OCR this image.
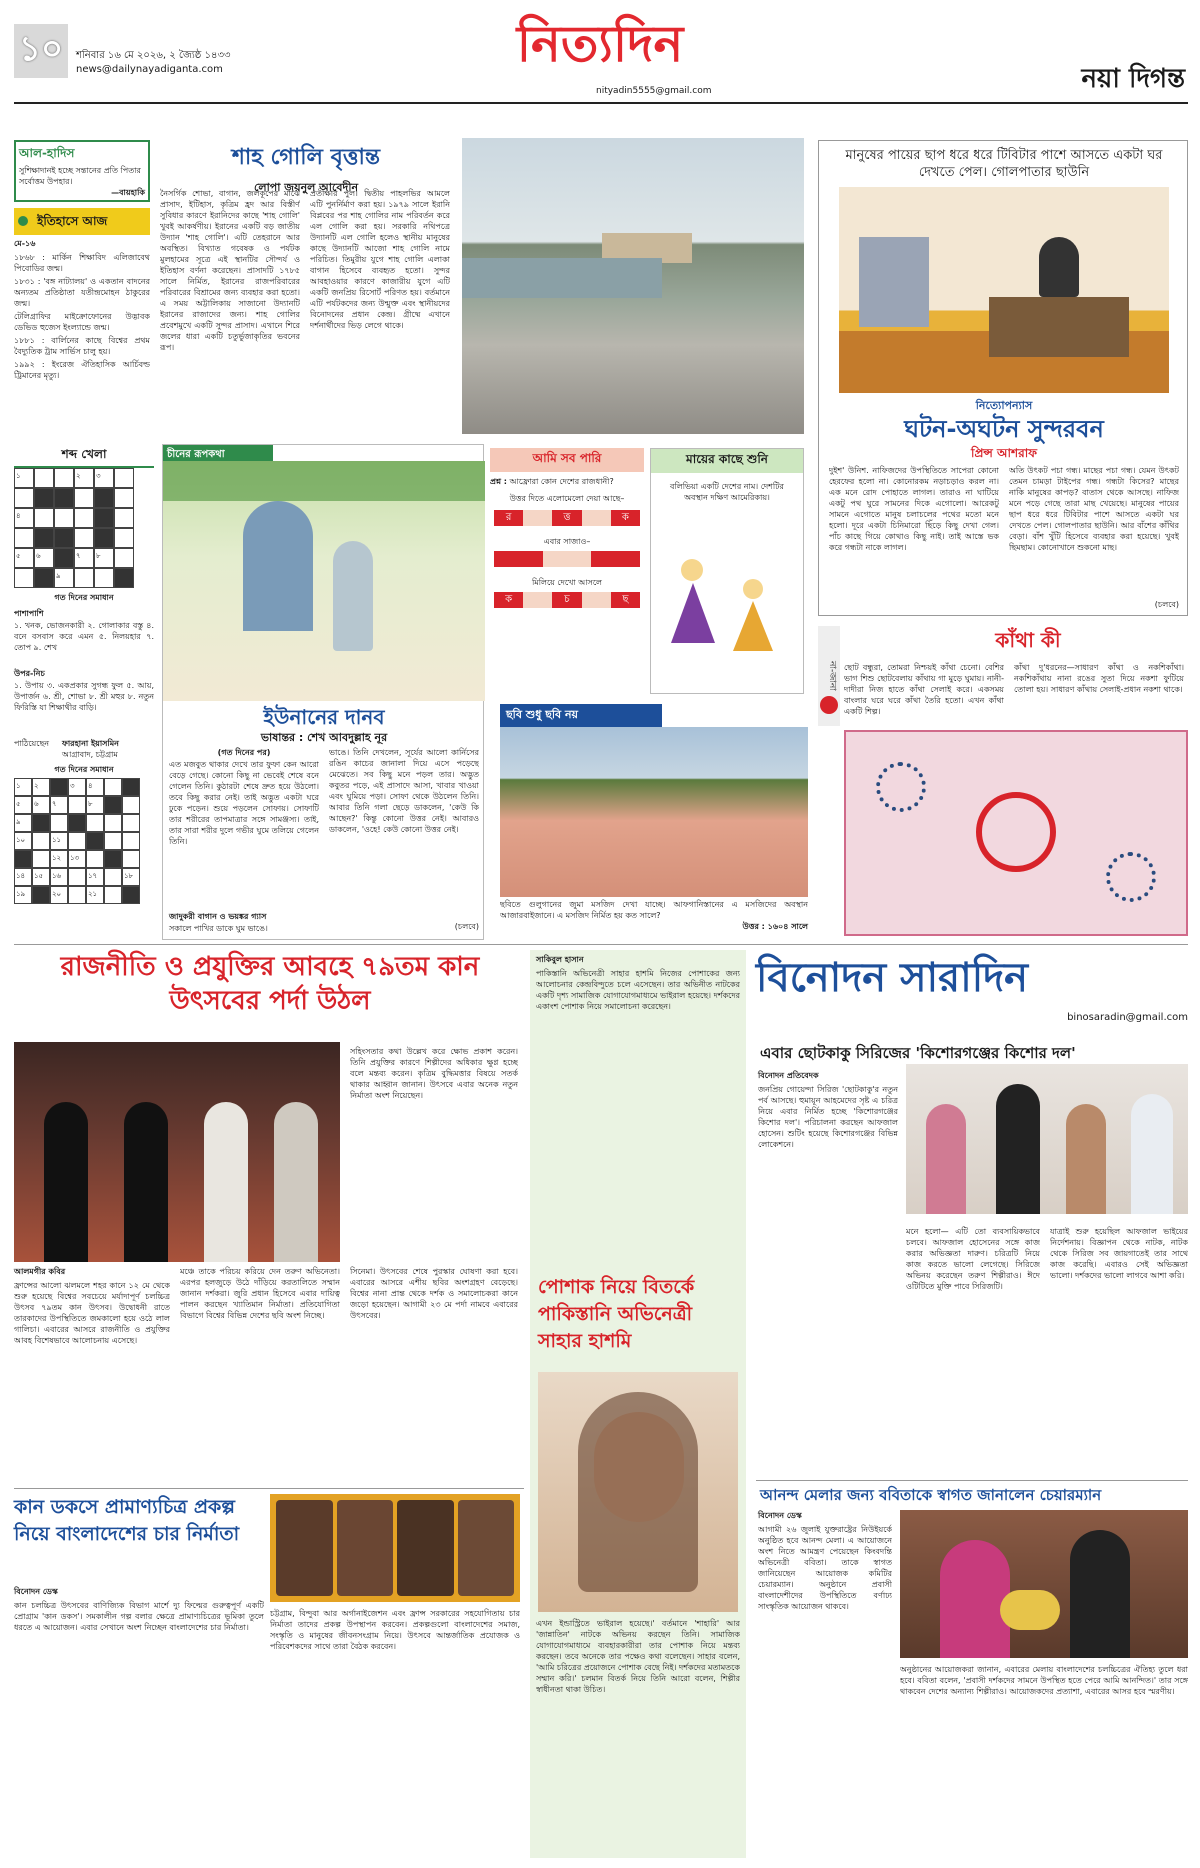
১০ শনিবার ১৬ মে ২০২৬, ২ জ্যৈষ্ঠ ১৪৩৩
news@dailynayadiganta.com	নিত্যদিন
nityadin5555@gmail.com	নয়া দিগন্ত
আল-হাদিস
সুশিক্ষাদানই হচ্ছে সন্তানের প্রতি পিতার সর্বোত্তম উপহার।
—বায়হাকি
ইতিহাসে আজ
মে-১৬
১৮৬৮ : মার্কিন শিক্ষাবিদ এলিজাবেথ পিবোডির জন্ম।
১৮৩১ : 'বঙ্গ নাট্যালয়' ও একতান বাদনের অন্যতম প্রতিষ্ঠাতা যতীন্দ্রমোহন ঠাকুরের জন্ম।
টেলিগ্রাফির মাইক্রোফোনের উদ্ভাবক ডেভিড হুজেস ইংল্যান্ডে জন্ম।
১৮৮১ : বার্লিনের কাছে বিশ্বের প্রথম বৈদ্যুতিক ট্রাম সার্ভিস চালু হয়।
১৯৯২ : ইংরেজ ঐতিহাসিক আর্চিবল্ড ট্রিমানের মৃত্যু।
শাহ গোলি বৃত্তান্ত
লোপা জয়নুল আবেদীন
নৈসর্গিক শোভা, বাগান, জলকূপের মাঝে প্রাসাদ, ইটিহাস, কৃত্রিম হ্রদ আর বিস্তীর্ণ সুবিধার কারণে ইরানিদের কাছে 'শাহ গোলি' খুবই আকর্ষণীয়। ইরানের একটি বড় জাতীয় উদ্যান 'শাহ গোলি'। এটি তেহরানে আর অবস্থিত। বিখ্যাত গবেষক ও পর্যটক মুলহামের সূত্রে এই স্থানটির সৌন্দর্য ও ইতিহাস বর্ণনা করেছেন। প্রাসাদটি ১৭৮৫ সালে নির্মিত, ইরানের রাজপরিবারের পরিবারের বিশ্রামের জন্য ব্যবহার করা হতো। এ সময় অট্টালিকায় সাজানো উদ্যানটি ইরানের রাজাদের জন্য। শাহ গোলির প্রবেশমুখে একটি সুন্দর প্রাসাদ। এখানে শিরে জলের ধারা একটি চতুর্ভুজাকৃতির ভবনের রূপ।
প্রতীক্ষার পুল। দ্বিতীয় পাহলভির আমলে এটি পুনর্নির্মাণ করা হয়। ১৯৭৯ সালে ইরানি বিপ্লবের পর শাহ গোলির নাম পরিবর্তন করে এল গোলি করা হয়। সরকারি নথিপত্রে উদ্যানটি এল গোলি হলেও স্থানীয় মানুষের কাছে উদ্যানটি আজো শাহ গোলি নামে পরিচিত। তিমুরীয় যুগে শাহ গোলি এলাকা বাগান হিসেবে ব্যবহৃত হতো। সুন্দর আবহাওয়ার কারণে কাজারীয় যুগে এটি একটি জনপ্রিয় রিসোর্ট পরিণত হয়। বর্তমানে এটি পর্যটকদের জন্য উন্মুক্ত এবং স্থানীয়দের বিনোদনের প্রধান কেন্দ্র। গ্রীষ্মে এখানে দর্শনার্থীদের ভিড় লেগে থাকে।
মানুষের পায়ের ছাপ ধরে ধরে টিবিটার পাশে আসতে একটা ঘর দেখতে পেল। গোলপাতার ছাউনি
নিত্যোপন্যাস
ঘটন-অঘটন সুন্দরবন
প্রিন্স আশরাফ
দুইশ' উনিশ. নাফিজদের উপস্থিতিতে সাপেরা কোনো হেরফের হলো না। কোনোরকম নড়াচড়াও করল না। এক মনে রোদ পোহাতে লাগল। তারাও না ঘাটিয়ে একটু পথ ঘুরে সামনের দিকে এগোলো। আরেকটু সামনে এগোতে মানুষ চলাচলের পথের মতো মনে হলো। দূরে একটা চিনিমারো ছিঁড়ে কিছু দেখা গেল। পাঁচ কাছে গিয়ে কোথাও কিছু নাই। তাই আস্তে ভক করে গন্ধটা নাকে লাগল।
অতি উৎকট পচা গন্ধ। মাছের পচা গন্ধ। যেমন উৎকট তেমন চামড়া টাইপের গন্ধ। গন্ধটা কিসের? মাছের নাকি মানুষের কাপড়? বাতাস থেকে আসছে। নাফিজ মনে পড়ে গেছে তারা মাছ খেয়েছে। মানুষের পায়ের ছাপ ধরে ধরে টিবিটার পাশে আসতে একটা ঘর দেখতে পেল। গোলপাতার ছাউনি। আর বাঁশের কাঁথির বেড়া। বাঁশ খুঁটি হিসেবে ব্যবহার করা হয়েছে। খুবই ছিমছাম। কোনোখানে শুকনো মাছ।
(চলবে)
শব্দ খেলা
১	২	৩
৪
৫	৬	৭	৮
৯
গত দিনের সমাধান
পাশাপাশি
১. খনক, ভোজনকারী ২. গোলাকার বস্তু ৪. বনে বসবাস করে এমন ৫. নিলয়হার ৭. তোপ ৯. শেখ
উপর-নিচ
১. উপায় ৩. একপ্রকার সুগন্ধ ফুল ৫. আয়, উপার্জন ৬. শ্রী, শোভা ৮. শ্রী মহুর ৮. নতুন ফিরিস্তি যা শিক্ষাথীর বাড়ি।
পাঠিয়েছেন ফারহানা ইয়াসমিন
আগ্রাবাদ, চট্টগ্রাম
গত দিনের সমাধান
১	২	৩	৪
৫	৬	৭	৮
৯
১০	১১
১২	১৩
১৪	১৫	১৬	১৭	১৮
১৯	২০	২১
চীনের রূপকথা
ইউনানের দানব
ভাষান্তর : শেখ আবদুল্লাহ নূর
(গত দিনের পর)
এত মজবুত থাকার দেখে তার ফুফা কেন আরো বেড়ে গেছে। কোনো কিছু না ভেবেই শেষে বনে গেলেন তিনি। কুঠারটা শেষে দ্রুত হয়ে উঠলো। তবে কিছু করার নেই। তাই অদ্ভুত একটা ঘরে ঢুকে পড়েন। শুয়ে পড়লেন সোফায়। সোফাটি তার শরীরের তাপমাত্রার সঙ্গে সামঞ্জস্য। তাই, তার সারা শরীর দুলে গভীর ঘুমে তলিয়ে গেলেন তিনি।
জাদুকরী বাগান ও ভয়ঙ্কর গ্যাস
সকালে পাখির ডাকে ঘুম ভাঙে।
ভাঙে। তিনি দেখলেন, সূর্যের আলো কার্নিসের রঙিন কাচের জানালা দিয়ে এসে পড়েছে মেঝেতে। সব কিছু মনে পড়ল তার। অদ্ভুত কবুতর পড়ে, এই প্রাসাদে আসা, খাবার খাওয়া এবং ঘুমিয়ে পড়া। সোফা থেকে উঠলেন তিনি। আবার তিনি গলা ছেড়ে ডাকলেন, 'কেউ কি আছেন?' কিন্তু কোনো উত্তর নেই। আবারও ডাকলেন, 'ওহে! কেউ কোনো উত্তর নেই।
(চলবে)
আমি সব পারি
প্রশ্ন : আফ্রোরা কোন দেশের রাজধানী?
উত্তর দিতে এলোমেলো দেয়া আছে–
র	ত্ত	ক
এবার সাজাও–
মিলিয়ে দেখো আসলে
ক	চ	ছ
মায়ের কাছে শুনি
বলিভিয়া একটি দেশের নাম। দেশটির অবস্থান দক্ষিণ আমেরিকায়।
ছবি শুধু ছবি নয়
ছবিতে গুলুগানের জুমা মসজিদ দেখা যাচ্ছে। আফগানিস্তানের এ মসজিদের অবস্থান আজারবাইজানে। এ মসজিদ নির্মিত হয় কত সালে?
উত্তর : ১৬০৪ সালে
না-জানা
কাঁথা কী
ছোট বন্ধুরা, তোমরা নিশ্চয়ই কাঁথা চেনো। বেশির ভাগ শিশু ছোটবেলায় কাঁথায় গা মুড়ে ঘুমায়। নানী-দাদীরা নিজ হাতে কাঁথা সেলাই করে। একসময় বাংলার ঘরে ঘরে কাঁথা তৈরি হতো। এখন কাঁথা একটি শিল্প।
কাঁথা দু'ধরনের—সাধারণ কাঁথা ও নকশিকাঁথা। নকশিকাঁথায় নানা রঙের সুতা দিয়ে নকশা ফুটিয়ে তোলা হয়। সাধারণ কাঁথায় সেলাই-প্রধান নকশা থাকে।
রাজনীতি ও প্রযুক্তির আবহে ৭৯তম কান উৎসবের পর্দা উঠল
আলমগীর কবির
ফ্রান্সের আলো ঝলমলে শহর কানে ১২ মে থেকে শুরু হয়েছে বিশ্বের সবচেয়ে মর্যাদাপূর্ণ চলচ্চিত্র উৎসব ৭৯তম কান উৎসব। উদ্বোধনী রাতে তারকাদের উপস্থিতিতে জমকালো হয়ে ওঠে লাল গালিচা। এবারের আসরে রাজনীতি ও প্রযুক্তির আবহ বিশেষভাবে আলোচনায় এসেছে।
মঞ্চে তাকে পরিচয় করিয়ে দেন তরুণ অভিনেতা। এরপর হলজুড়ে উঠে দাঁড়িয়ে করতালিতে সম্মান জানান দর্শকরা। জুরি প্রধান হিসেবে এবার দায়িত্ব পালন করছেন খ্যাতিমান নির্মাতা। প্রতিযোগিতা বিভাগে বিশ্বের বিভিন্ন দেশের ছবি অংশ নিচ্ছে।
সহিংসতার কথা উল্লেখ করে ক্ষোভ প্রকাশ করেন। তিনি প্রযুক্তির কারণে শিল্পীদের অধিকার ক্ষুণ্ণ হচ্ছে বলে মন্তব্য করেন। কৃত্রিম বুদ্ধিমত্তার বিষয়ে সতর্ক থাকার আহ্বান জানান। উৎসবে এবার অনেক নতুন নির্মাতা অংশ নিয়েছেন।
সিনেমা। উৎসবের শেষে পুরস্কার ঘোষণা করা হবে। এবারের আসরে এশীয় ছবির অংশগ্রহণ বেড়েছে। বিশ্বের নানা প্রান্ত থেকে দর্শক ও সমালোচকরা কানে জড়ো হয়েছেন। আগামী ২৩ মে পর্দা নামবে এবারের উৎসবের।
কান ডকসে প্রামাণ্যচিত্র প্রকল্প নিয়ে বাংলাদেশের চার নির্মাতা
বিনোদন ডেস্ক
কান চলচ্চিত্র উৎসবের বাণিজ্যিক বিভাগ মার্শে দ্যু ফিল্মের গুরুত্বপূর্ণ একটি প্রোগ্রাম 'কান ডকস'। সমকালীন গল্প বলার ক্ষেত্রে প্রামাণ্যচিত্রের ভূমিকা তুলে ধরতে এ আয়োজন। এবার সেখানে অংশ নিচ্ছেন বাংলাদেশের চার নির্মাতা।
চট্টগ্রাম, বিন্দুবা আর অর্গানাইজেশন এবং ফ্রান্স সরকারের সহযোগিতায় চার নির্মাতা তাদের প্রকল্প উপস্থাপন করবেন। প্রকল্পগুলো বাংলাদেশের সমাজ, সংস্কৃতি ও মানুষের জীবনসংগ্রাম নিয়ে। উৎসবে আন্তর্জাতিক প্রযোজক ও পরিবেশকদের সাথে তারা বৈঠক করবেন।
সাকিবুল হাসান
পাকিস্তানি অভিনেত্রী সাহার হাশমি নিজের পোশাকের জন্য আলোচনার কেন্দ্রবিন্দুতে চলে এসেছেন। তার অভিনীত নাটকের একটি দৃশ্য সামাজিক যোগাযোগমাধ্যমে ভাইরাল হয়েছে। দর্শকদের একাংশ পোশাক নিয়ে সমালোচনা করেছেন।
পোশাক নিয়ে বিতর্কে পাকিস্তানি অভিনেত্রী সাহার হাশমি
এখন ইন্ডাস্ট্রিতে ভাইরাল হয়েছে।' বর্তমানে 'শাহারি' আর 'জান্নাতিন' নাটকে অভিনয় করছেন তিনি। সামাজিক যোগাযোগমাধ্যমে ব্যবহারকারীরা তার পোশাক নিয়ে মন্তব্য করছেন। তবে অনেকে তার পক্ষেও কথা বলেছেন। সাহার বলেন, 'আমি চরিত্রের প্রয়োজনে পোশাক বেছে নিই। দর্শকদের মতামতকে সম্মান করি।' চলমান বিতর্ক নিয়ে তিনি আরো বলেন, শিল্পীর স্বাধীনতা থাকা উচিত।
বিনোদন সারাদিন
binosaradin@gmail.com
এবার ছোটকাকু সিরিজের 'কিশোরগঞ্জের কিশোর দল'
বিনোদন প্রতিবেদক
জনপ্রিয় গোয়েন্দা সিরিজ 'ছোটকাকু'র নতুন পর্ব আসছে। হুমায়ূন আহমেদের সৃষ্ট এ চরিত্র নিয়ে এবার নির্মিত হচ্ছে 'কিশোরগঞ্জের কিশোর দল'। পরিচালনা করছেন আফজাল হোসেন। শুটিং হয়েছে কিশোরগঞ্জের বিভিন্ন লোকেশনে।
মনে হলো— এটি তো ব্যবসায়িকভাবে চলবে। আফজাল হোসেনের সঙ্গে কাজ করার অভিজ্ঞতা দারুণ। চরিত্রটি নিয়ে কাজ করতে ভালো লেগেছে। সিরিজে অভিনয় করেছেন তরুণ শিল্পীরাও। ঈদে ওটিটিতে মুক্তি পাবে সিরিজটি।
যাত্রাই শুরু হয়েছিল আফজাল ভাইয়ের নির্দেশনায়। বিজ্ঞাপন থেকে নাটক, নাটক থেকে সিরিজ সব জায়গাতেই তার সাথে কাজ করেছি। এবারও সেই অভিজ্ঞতা ভালো। দর্শকদের ভালো লাগবে আশা করি।
আনন্দ মেলার জন্য ববিতাকে স্বাগত জানালেন চেয়ারম্যান
বিনোদন ডেস্ক
আগামী ২৬ জুলাই যুক্তরাষ্ট্রের নিউইয়র্কে অনুষ্ঠিত হবে আনন্দ মেলা। এ আয়োজনে অংশ নিতে আমন্ত্রণ পেয়েছেন কিংবদন্তি অভিনেত্রী ববিতা। তাকে স্বাগত জানিয়েছেন আয়োজক কমিটির চেয়ারম্যান। অনুষ্ঠানে প্রবাসী বাংলাদেশীদের উপস্থিতিতে বর্ণাঢ্য সাংস্কৃতিক আয়োজন থাকবে।
অনুষ্ঠানের আয়োজকরা জানান, এবারের মেলায় বাংলাদেশের চলচ্চিত্রের ঐতিহ্য তুলে ধরা হবে। ববিতা বলেন, 'প্রবাসী দর্শকদের সামনে উপস্থিত হতে পেরে আমি আনন্দিত।' তার সঙ্গে থাকবেন দেশের অন্যান্য শিল্পীরাও। আয়োজকদের প্রত্যাশা, এবারের আসর হবে স্মরণীয়।
